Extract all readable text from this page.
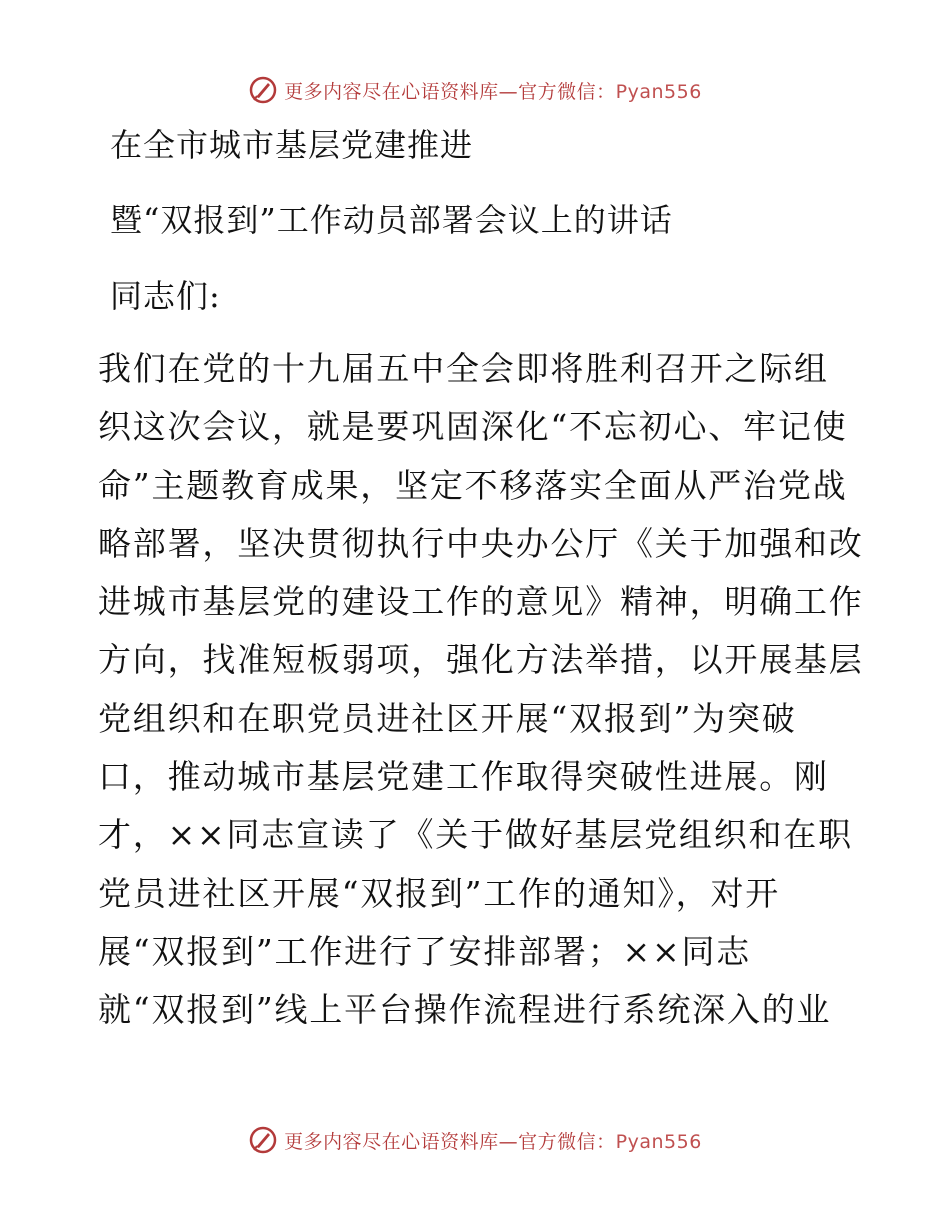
更多内容尽在心语资料库—官方微信：Pyan556
在全市城市基层党建推进
暨“双报到”工作动员部署会议上的讲话
同志们:
我们在党的十九届五中全会即将胜利召开之际组
织这次会议，就是要巩固深化“不忘初心、牢记使
命”主题教育成果，坚定不移落实全面从严治党战
略部署，坚决贯彻执行中央办公厅《关于加强和改
进城市基层党的建设工作的意见》精神，明确工作
方向，找准短板弱项，强化方法举措，以开展基层
党组织和在职党员进社区开展“双报到”为突破
口，推动城市基层党建工作取得突破性进展。刚
才，××同志宣读了《关于做好基层党组织和在职
党员进社区开展“双报到”工作的通知》，对开
展“双报到”工作进行了安排部署；××同志
就“双报到”线上平台操作流程进行系统深入的业
更多内容尽在心语资料库—官方微信：Pyan556
